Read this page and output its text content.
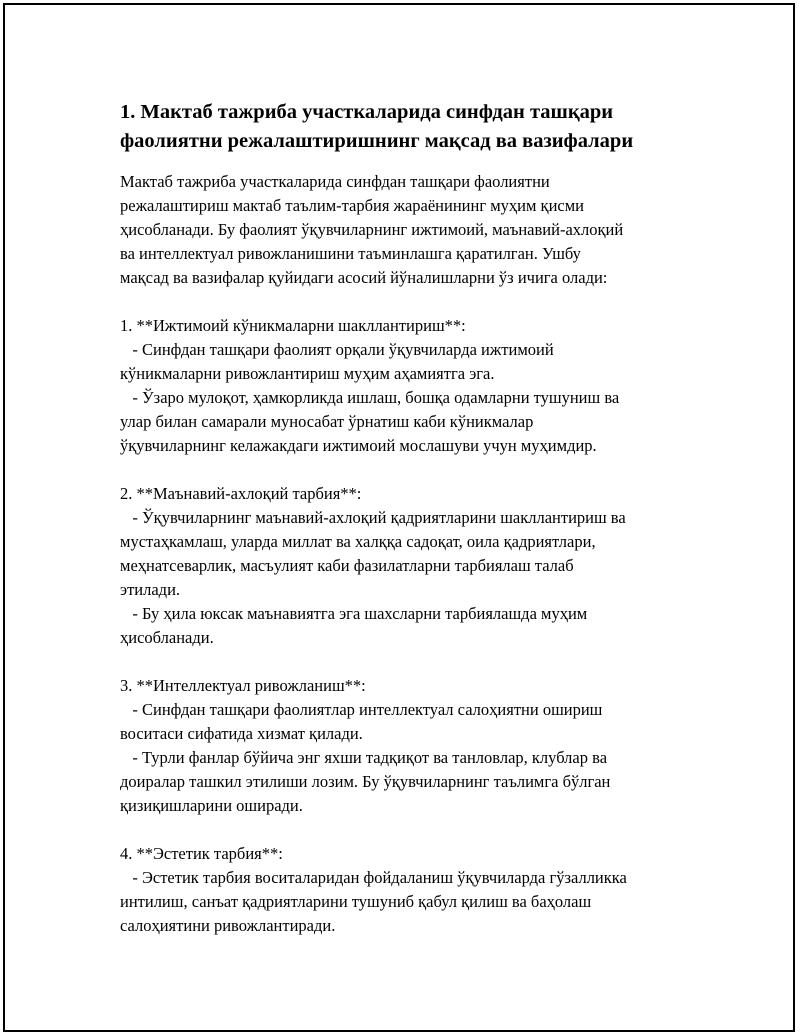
1. Мактаб тажриба участкаларида синфдан ташқари
фаолиятни режалаштиришнинг мақсад ва вазифалари

Мактаб тажриба участкаларида синфдан ташқари фаолиятни
режалаштириш мактаб таълим-тарбия жараёнининг муҳим қисми
ҳисобланади. Бу фаолият ўқувчиларнинг ижтимоий, маънавий-ахлоқий
ва интеллектуал ривожланишини таъминлашга қаратилган. Ушбу
мақсад ва вазифалар қуйидаги асосий йўналишларни ўз ичига олади:

1. **Ижтимоий кўникмаларни шакллантириш**:
- Синфдан ташқари фаолият орқали ўқувчиларда ижтимоий
кўникмаларни ривожлантириш муҳим аҳамиятга эга.
- Ўзаро мулоқот, ҳамкорликда ишлаш, бошқа одамларни тушуниш ва
улар билан самарали муносабат ўрнатиш каби кўникмалар
ўқувчиларнинг келажакдаги ижтимоий мослашуви учун муҳимдир.

2. **Маънавий-ахлоқий тарбия**:
- Ўқувчиларнинг маънавий-ахлоқий қадриятларини шакллантириш ва
мустаҳкамлаш, уларда миллат ва халққа садоқат, оила қадриятлари,
меҳнатсеварлик, масъулият каби фазилатларни тарбиялаш талаб
этилади.
- Бу ҳила юксак маънавиятга эга шахсларни тарбиялашда муҳим
ҳисобланади.

3. **Интеллектуал ривожланиш**:
- Синфдан ташқари фаолиятлар интеллектуал салоҳиятни ошириш
воситаси сифатида хизмат қилади.
- Турли фанлар бўйича энг яхши тадқиқот ва танловлар, клублар ва
доиралар ташкил этилиши лозим. Бу ўқувчиларнинг таълимга бўлган
қизиқишларини оширади.

4. **Эстетик тарбия**:
- Эстетик тарбия воситаларидан фойдаланиш ўқувчиларда гўзалликка
интилиш, санъат қадриятларини тушуниб қабул қилиш ва баҳолаш
салоҳиятини ривожлантиради.
